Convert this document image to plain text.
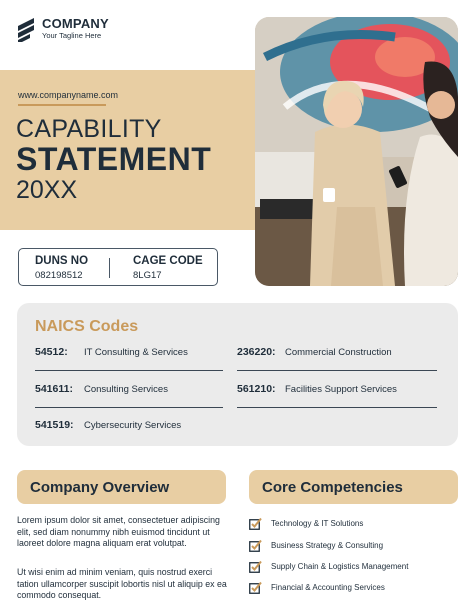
COMPANY
Your Tagline Here
www.companyname.com
CAPABILITY
STATEMENT
20XX
DUNS NO
082198512
CAGE CODE
8LG17
NAICS Codes
54512: IT Consulting & Services	236220: Commercial Construction
541611: Consulting Services	561210: Facilities Support Services
541519: Cybersecurity Services
Company Overview	Core Competencies
Lorem ipsum dolor sit amet, consectetuer adipiscing elit, sed diam nonummy nibh euismod tincidunt ut laoreet dolore magna aliquam erat volutpat.
Ut wisi enim ad minim veniam, quis nostrud exerci tation ullamcorper suscipit lobortis nisl ut aliquip ex ea commodo consequat.
Technology & IT Solutions
Business Strategy & Consulting
Supply Chain & Logistics Management
Financial & Accounting Services
